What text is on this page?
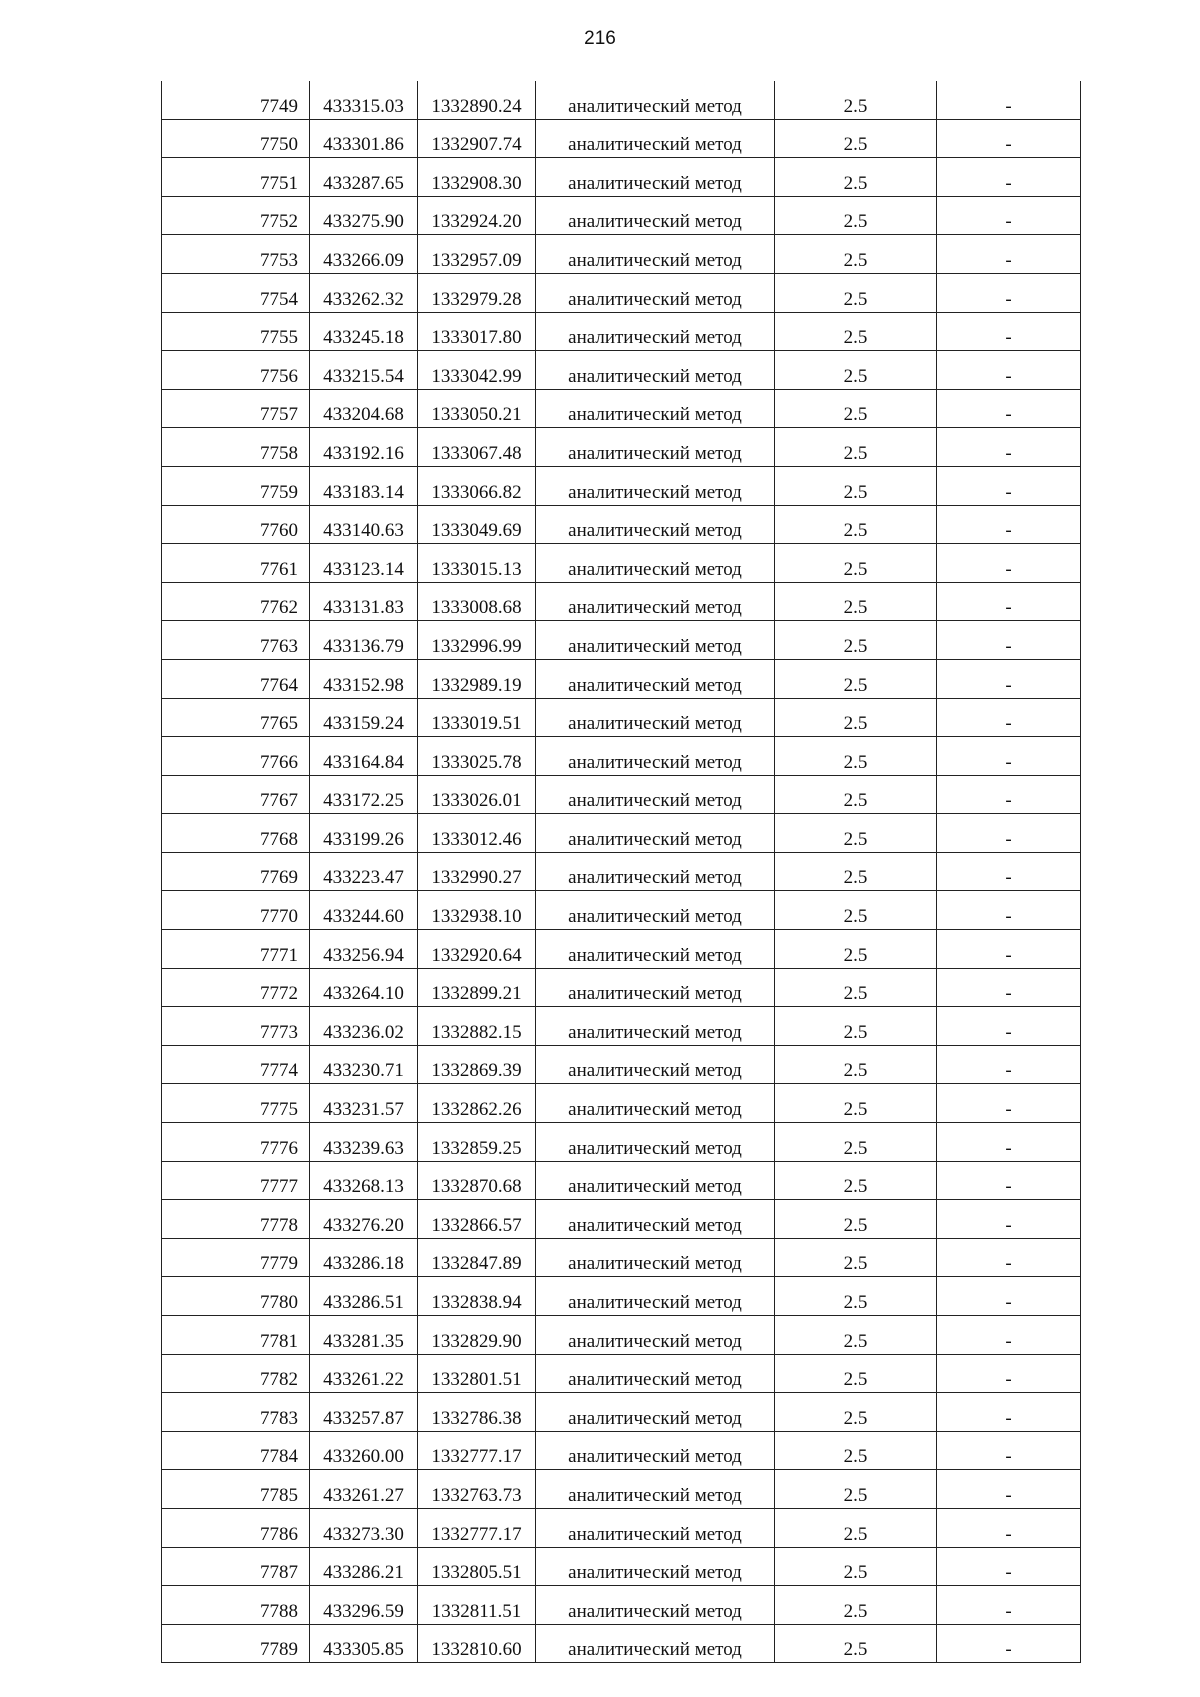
216
7749	433315.03	1332890.24	аналитический метод	2.5	-
7750	433301.86	1332907.74	аналитический метод	2.5	-
7751	433287.65	1332908.30	аналитический метод	2.5	-
7752	433275.90	1332924.20	аналитический метод	2.5	-
7753	433266.09	1332957.09	аналитический метод	2.5	-
7754	433262.32	1332979.28	аналитический метод	2.5	-
7755	433245.18	1333017.80	аналитический метод	2.5	-
7756	433215.54	1333042.99	аналитический метод	2.5	-
7757	433204.68	1333050.21	аналитический метод	2.5	-
7758	433192.16	1333067.48	аналитический метод	2.5	-
7759	433183.14	1333066.82	аналитический метод	2.5	-
7760	433140.63	1333049.69	аналитический метод	2.5	-
7761	433123.14	1333015.13	аналитический метод	2.5	-
7762	433131.83	1333008.68	аналитический метод	2.5	-
7763	433136.79	1332996.99	аналитический метод	2.5	-
7764	433152.98	1332989.19	аналитический метод	2.5	-
7765	433159.24	1333019.51	аналитический метод	2.5	-
7766	433164.84	1333025.78	аналитический метод	2.5	-
7767	433172.25	1333026.01	аналитический метод	2.5	-
7768	433199.26	1333012.46	аналитический метод	2.5	-
7769	433223.47	1332990.27	аналитический метод	2.5	-
7770	433244.60	1332938.10	аналитический метод	2.5	-
7771	433256.94	1332920.64	аналитический метод	2.5	-
7772	433264.10	1332899.21	аналитический метод	2.5	-
7773	433236.02	1332882.15	аналитический метод	2.5	-
7774	433230.71	1332869.39	аналитический метод	2.5	-
7775	433231.57	1332862.26	аналитический метод	2.5	-
7776	433239.63	1332859.25	аналитический метод	2.5	-
7777	433268.13	1332870.68	аналитический метод	2.5	-
7778	433276.20	1332866.57	аналитический метод	2.5	-
7779	433286.18	1332847.89	аналитический метод	2.5	-
7780	433286.51	1332838.94	аналитический метод	2.5	-
7781	433281.35	1332829.90	аналитический метод	2.5	-
7782	433261.22	1332801.51	аналитический метод	2.5	-
7783	433257.87	1332786.38	аналитический метод	2.5	-
7784	433260.00	1332777.17	аналитический метод	2.5	-
7785	433261.27	1332763.73	аналитический метод	2.5	-
7786	433273.30	1332777.17	аналитический метод	2.5	-
7787	433286.21	1332805.51	аналитический метод	2.5	-
7788	433296.59	1332811.51	аналитический метод	2.5	-
7789	433305.85	1332810.60	аналитический метод	2.5	-
